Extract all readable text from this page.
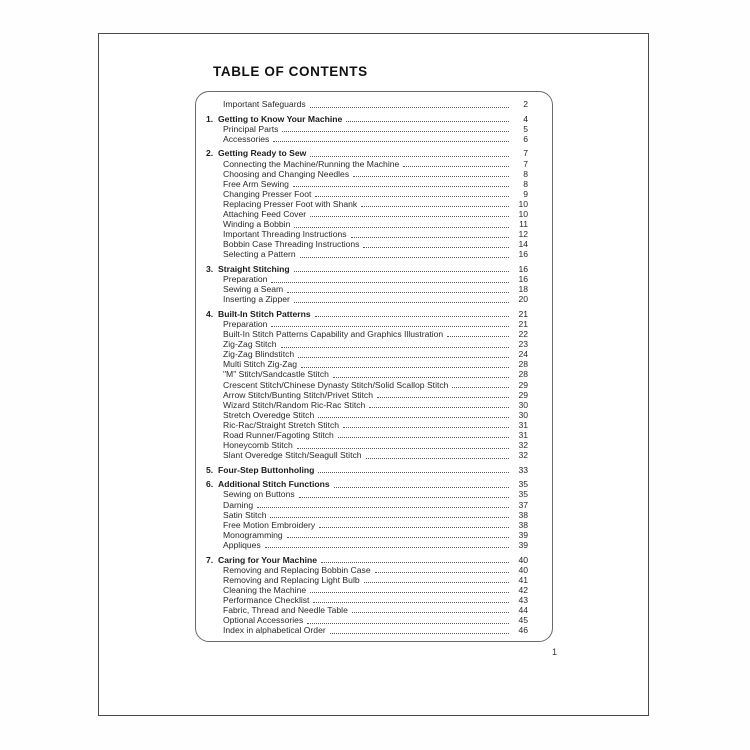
TABLE OF CONTENTS
Important Safeguards	2
1. Getting to Know Your Machine	4
Principal Parts	5
Accessories	6
2. Getting Ready to Sew	7
Connecting the Machine/Running the Machine	7
Choosing and Changing Needles	8
Free Arm Sewing	8
Changing Presser Foot	9
Replacing Presser Foot with Shank	10
Attaching Feed Cover	10
Winding a Bobbin	11
Important Threading Instructions	12
Bobbin Case Threading Instructions	14
Selecting a Pattern	16
3. Straight Stitching	16
Preparation	16
Sewing a Seam	18
Inserting a Zipper	20
4. Built-In Stitch Patterns	21
Preparation	21
Built-In Stitch Patterns Capability and Graphics Illustration	22
Zig-Zag Stitch	23
Zig-Zag Blindstitch	24
Multi Stitch Zig-Zag	28
"M" Stitch/Sandcastle Stitch	28
Crescent Stitch/Chinese Dynasty Stitch/Solid Scallop Stitch	29
Arrow Stitch/Bunting Stitch/Privet Stitch	29
Wizard Stitch/Random Ric-Rac Stitch	30
Stretch Overedge Stitch	30
Ric-Rac/Straight Stretch Stitch	31
Road Runner/Fagoting Stitch	31
Honeycomb Stitch	32
Slant Overedge Stitch/Seagull Stitch	32
5. Four-Step Buttonholing	33
6. Additional Stitch Functions	35
Sewing on Buttons	35
Darning	37
Satin Stitch	38
Free Motion Embroidery	38
Monogramming	39
Appliques	39
7. Caring for Your Machine	40
Removing and Replacing Bobbin Case	40
Removing and Replacing Light Bulb	41
Cleaning the Machine	42
Performance Checklist	43
Fabric, Thread and Needle Table	44
Optional Accessories	45
Index in alphabetical Order	46
1
